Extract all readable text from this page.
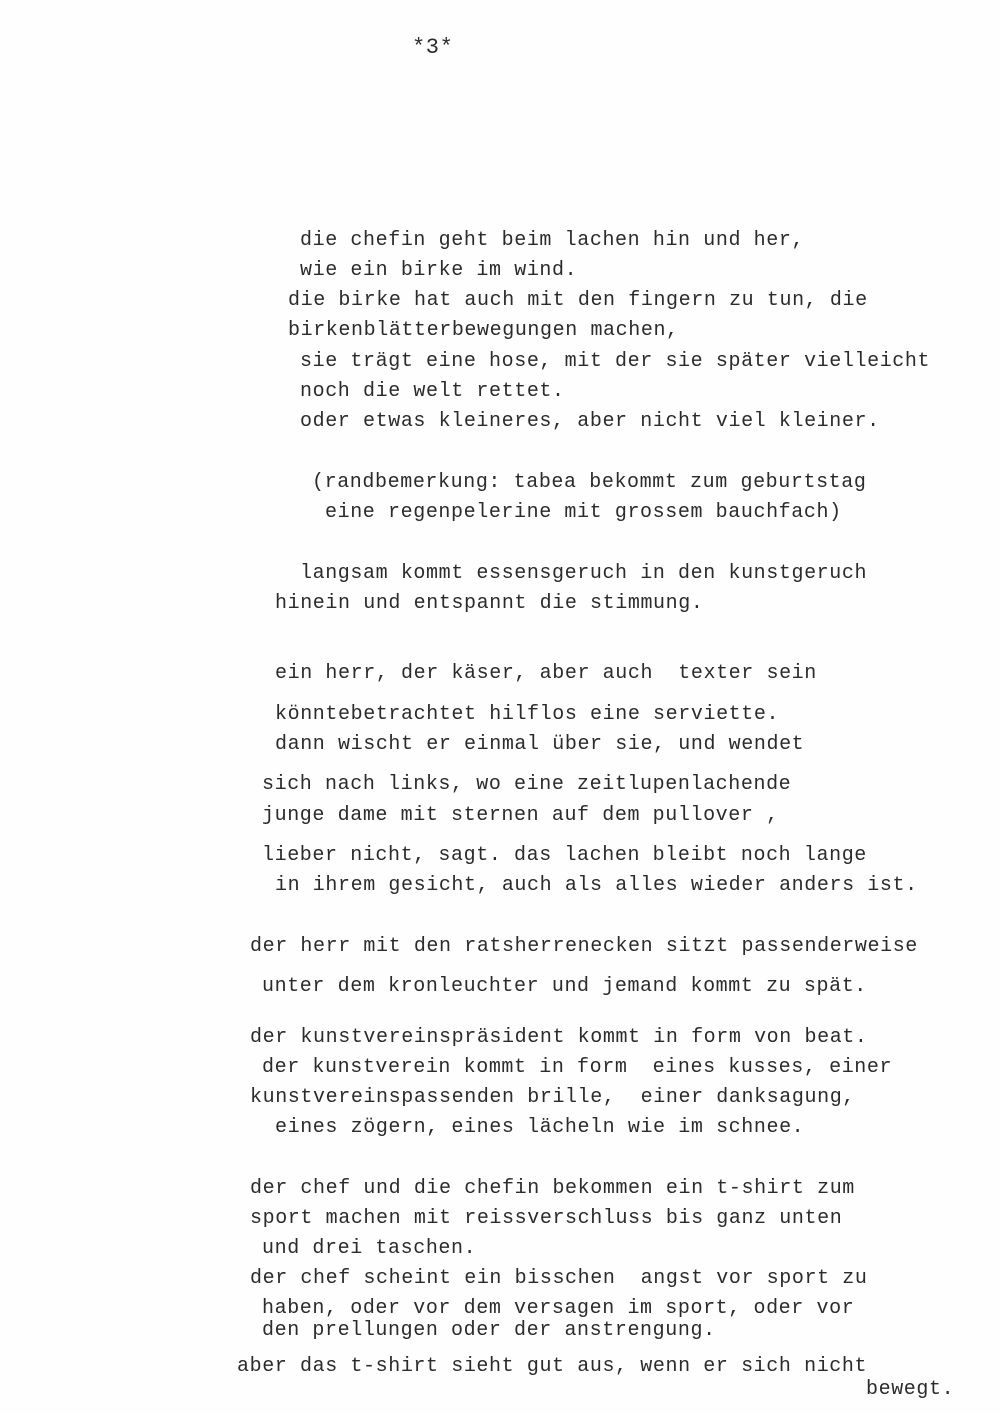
*3*
die chefin geht beim lachen hin und her,
wie ein birke im wind.
die birke hat auch mit den fingern zu tun, die
birkenblätterbewegungen machen,
sie trägt eine hose, mit der sie später vielleicht
noch die welt rettet.
oder etwas kleineres, aber nicht viel kleiner.
(randbemerkung: tabea bekommt zum geburtstag
eine regenpelerine mit grossem bauchfach)
langsam kommt essensgeruch in den kunstgeruch
hinein und entspannt die stimmung.
ein herr, der käser, aber auch  texter sein
könntebetrachtet hilflos eine serviette.
dann wischt er einmal über sie, und wendet
sich nach links, wo eine zeitlupenlachende
junge dame mit sternen auf dem pullover ,
lieber nicht, sagt. das lachen bleibt noch lange
in ihrem gesicht, auch als alles wieder anders ist.
der herr mit den ratsherrenecken sitzt passenderweise
unter dem kronleuchter und jemand kommt zu spät.
der kunstvereinspräsident kommt in form von beat.
der kunstverein kommt in form  eines kusses, einer
kunstvereinspassenden brille,  einer danksagung,
eines zögern, eines lächeln wie im schnee.
der chef und die chefin bekommen ein t-shirt zum
sport machen mit reissverschluss bis ganz unten
und drei taschen.
der chef scheint ein bisschen  angst vor sport zu
haben, oder vor dem versagen im sport, oder vor
den prellungen oder der anstrengung.
aber das t-shirt sieht gut aus, wenn er sich nicht
bewegt.
